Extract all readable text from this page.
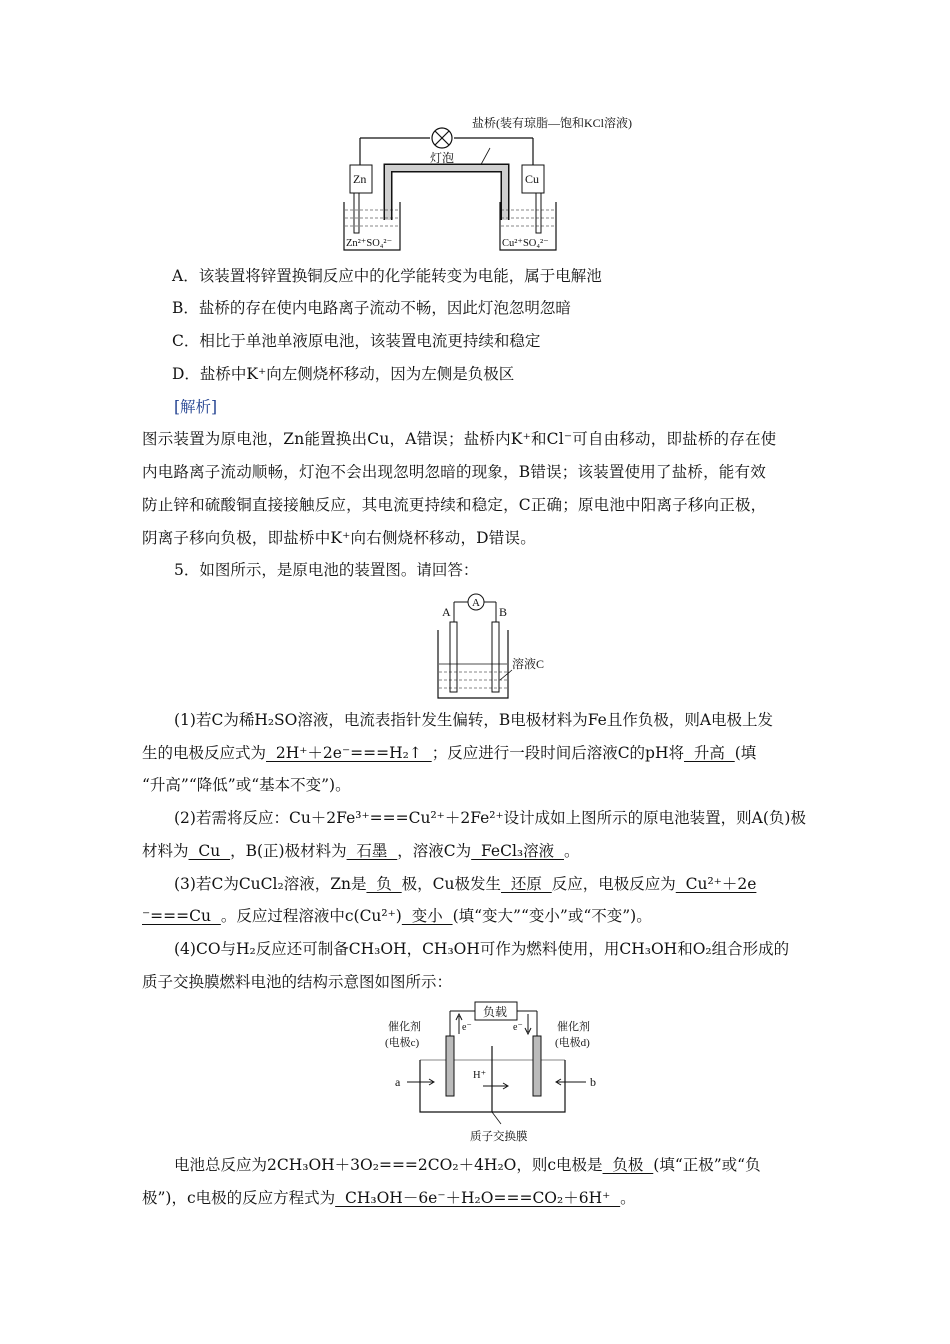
灯泡
盐桥(装有琼脂—饱和KCl溶液)
Zn	Cu
Zn²⁺SO₄²⁻	Cu²⁺SO₄²⁻
A．该装置将锌置换铜反应中的化学能转变为电能，属于电解池
B．盐桥的存在使内电路离子流动不畅，因此灯泡忽明忽暗
C．相比于单池单液原电池，该装置电流更持续和稳定
D．盐桥中K⁺向左侧烧杯移动，因为左侧是负极区
[解析]
图示装置为原电池，Zn能置换出Cu，A错误；盐桥内K⁺和Cl⁻可自由移动，即盐桥的存在使
内电路离子流动顺畅，灯泡不会出现忽明忽暗的现象，B错误；该装置使用了盐桥，能有效
防止锌和硫酸铜直接接触反应，其电流更持续和稳定，C正确；原电池中阳离子移向正极，
阴离子移向负极，即盐桥中K⁺向右侧烧杯移动，D错误。
5．如图所示，是原电池的装置图。请回答：
A	B
A
溶液C
(1)若C为稀H₂SO溶液，电流表指针发生偏转，B电极材料为Fe且作负极，则A电极上发
生的电极反应式为  2H⁺＋2e⁻===H₂↑  ；反应进行一段时间后溶液C的pH将  升高  (填
“升高”“降低”或“基本不变”)。
(2)若需将反应：Cu＋2Fe³⁺===Cu²⁺＋2Fe²⁺设计成如上图所示的原电池装置，则A(负)极
材料为  Cu  ，B(正)极材料为  石墨  ，溶液C为  FeCl₃溶液  。
(3)若C为CuCl₂溶液，Zn是  负  极，Cu极发生  还原  反应，电极反应为  Cu²⁺＋2e
⁻===Cu  。反应过程溶液中c(Cu²⁺)  变小  (填“变大”“变小”或“不变”)。
(4)CO与H₂反应还可制备CH₃OH，CH₃OH可作为燃料使用，用CH₃OH和O₂组合形成的
质子交换膜燃料电池的结构示意图如图所示：
负载
e⁻	e⁻
催化剂
(电极c)
催化剂
(电极d)
质子交换膜
H⁺
a	b
电池总反应为2CH₃OH＋3O₂===2CO₂＋4H₂O，则c电极是  负极  (填“正极”或“负
极”)，c电极的反应方程式为  CH₃OH－6e⁻＋H₂O===CO₂＋6H⁺  。
